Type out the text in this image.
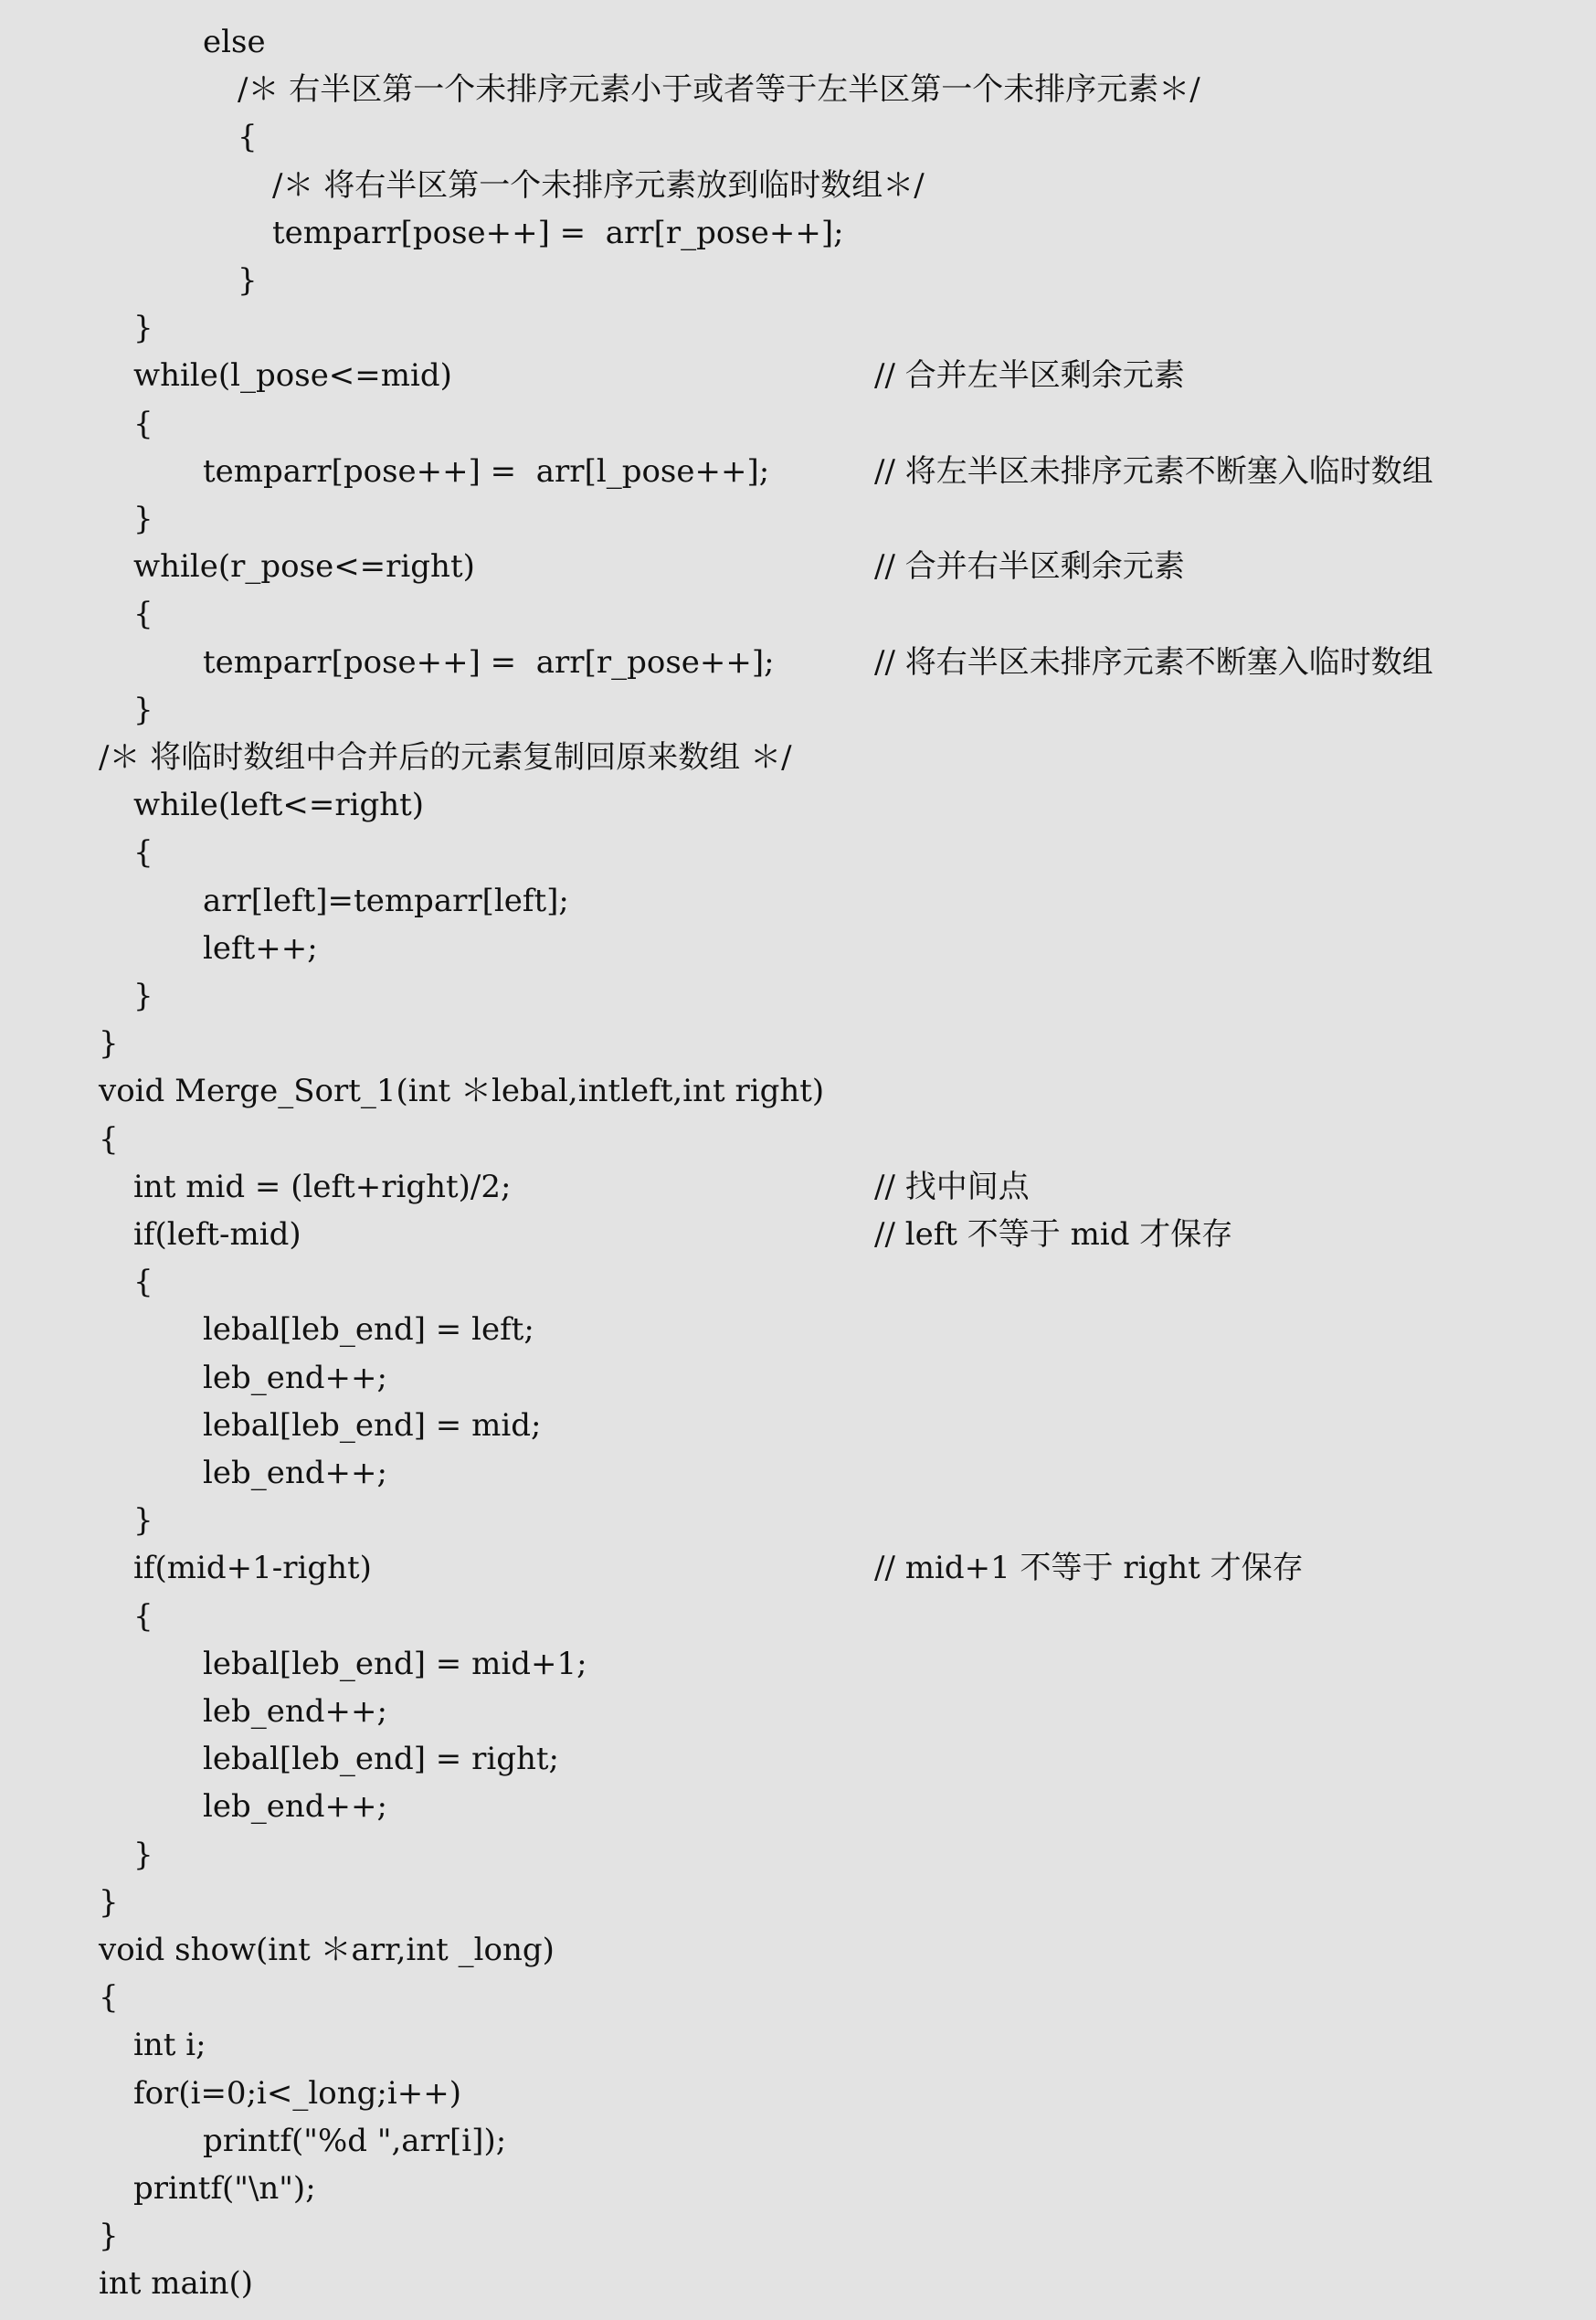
else
/＊ 右半区第一个未排序元素小于或者等于左半区第一个未排序元素＊/
{
/＊ 将右半区第一个未排序元素放到临时数组＊/
temparr[pose++] =  arr[r_pose++];
}
}
while(l_pose<=mid)	// 合并左半区剩余元素
{
temparr[pose++] =  arr[l_pose++];	// 将左半区未排序元素不断塞入临时数组
}
while(r_pose<=right)	// 合并右半区剩余元素
{
temparr[pose++] =  arr[r_pose++];	// 将右半区未排序元素不断塞入临时数组
}
/＊ 将临时数组中合并后的元素复制回原来数组 ＊/
while(left<=right)
{
arr[left]=temparr[left];
left++;
}
}
void Merge_Sort_1(int ＊lebal,intleft,int right)
{
int mid = (left+right)/2;	// 找中间点
if(left-mid)	// left 不等于 mid 才保存
{
lebal[leb_end] = left;
leb_end++;
lebal[leb_end] = mid;
leb_end++;
}
if(mid+1-right)	// mid+1 不等于 right 才保存
{
lebal[leb_end] = mid+1;
leb_end++;
lebal[leb_end] = right;
leb_end++;
}
}
void show(int ＊arr,int _long)
{
int i;
for(i=0;i<_long;i++)
printf("%d ",arr[i]);
printf("\n");
}
int main()
